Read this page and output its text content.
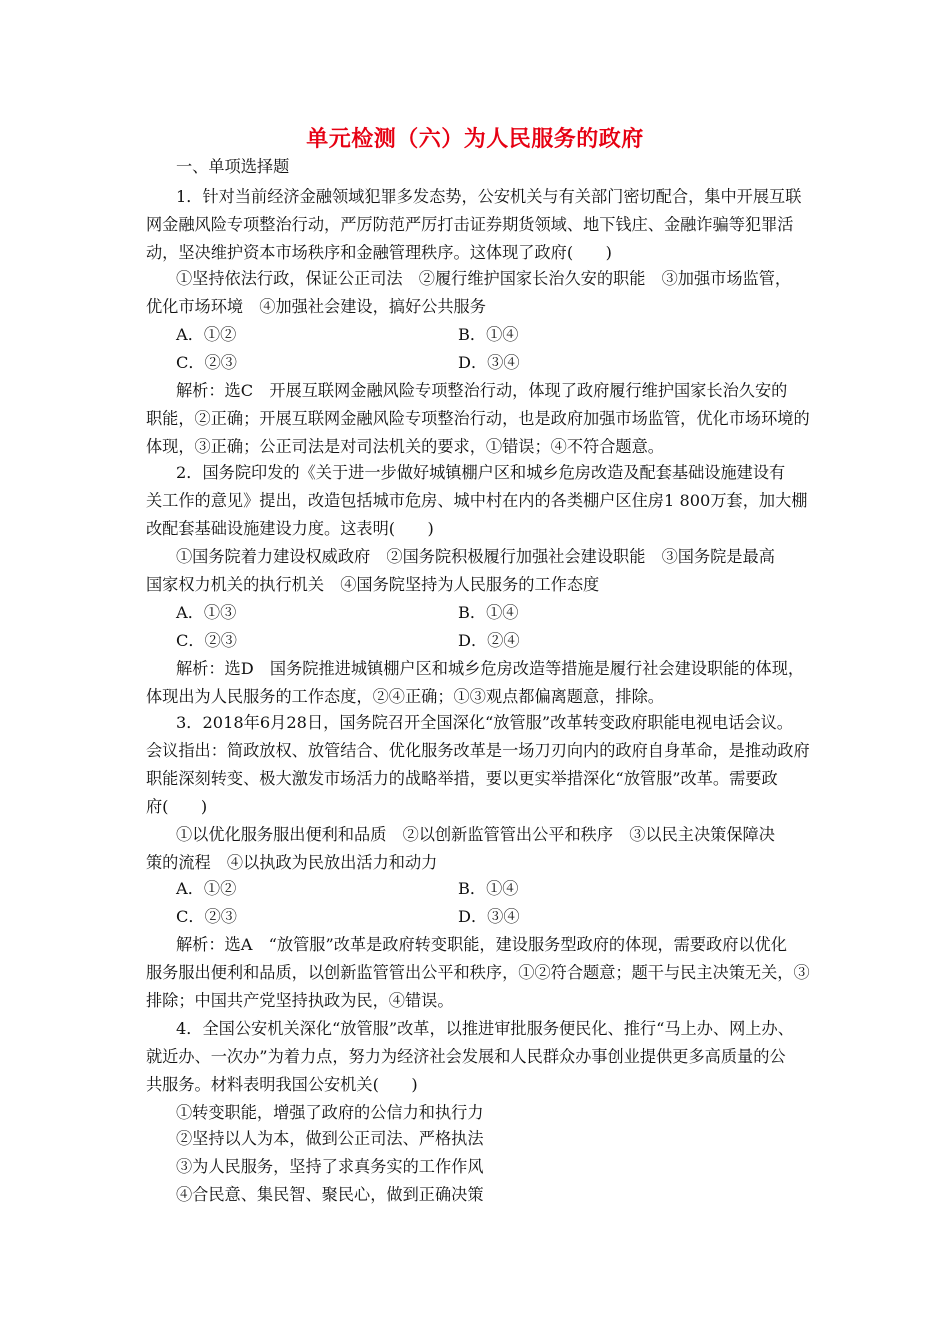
单元检测（六）为人民服务的政府
一、单项选择题
1．针对当前经济金融领域犯罪多发态势，公安机关与有关部门密切配合，集中开展互联
网金融风险专项整治行动，严厉防范严厉打击证券期货领域、地下钱庄、金融诈骗等犯罪活
动，坚决维护资本市场秩序和金融管理秩序。这体现了政府(　　)
①坚持依法行政，保证公正司法　②履行维护国家长治久安的职能　③加强市场监管，
优化市场环境　④加强社会建设，搞好公共服务
A．①②	B．①④
C．②③	D．③④
解析：选C　开展互联网金融风险专项整治行动，体现了政府履行维护国家长治久安的
职能，②正确；开展互联网金融风险专项整治行动，也是政府加强市场监管，优化市场环境的
体现，③正确；公正司法是对司法机关的要求，①错误；④不符合题意。
2．国务院印发的《关于进一步做好城镇棚户区和城乡危房改造及配套基础设施建设有
关工作的意见》提出，改造包括城市危房、城中村在内的各类棚户区住房1 800万套，加大棚
改配套基础设施建设力度。这表明(　　)
①国务院着力建设权威政府　②国务院积极履行加强社会建设职能　③国务院是最高
国家权力机关的执行机关　④国务院坚持为人民服务的工作态度
A．①③	B．①④
C．②③	D．②④
解析：选D　国务院推进城镇棚户区和城乡危房改造等措施是履行社会建设职能的体现，
体现出为人民服务的工作态度，②④正确；①③观点都偏离题意，排除。
3．2018年6月28日，国务院召开全国深化“放管服”改革转变政府职能电视电话会议。
会议指出：简政放权、放管结合、优化服务改革是一场刀刃向内的政府自身革命，是推动政府
职能深刻转变、极大激发市场活力的战略举措，要以更实举措深化“放管服”改革。需要政
府(　　)
①以优化服务服出便利和品质　②以创新监管管出公平和秩序　③以民主决策保障决
策的流程　④以执政为民放出活力和动力
A．①②	B．①④
C．②③	D．③④
解析：选A　“放管服”改革是政府转变职能，建设服务型政府的体现，需要政府以优化
服务服出便利和品质，以创新监管管出公平和秩序，①②符合题意；题干与民主决策无关，③
排除；中国共产党坚持执政为民，④错误。
4．全国公安机关深化“放管服”改革，以推进审批服务便民化、推行“马上办、网上办、
就近办、一次办”为着力点，努力为经济社会发展和人民群众办事创业提供更多高质量的公
共服务。材料表明我国公安机关(　　)
①转变职能，增强了政府的公信力和执行力
②坚持以人为本，做到公正司法、严格执法
③为人民服务，坚持了求真务实的工作作风
④合民意、集民智、聚民心，做到正确决策
